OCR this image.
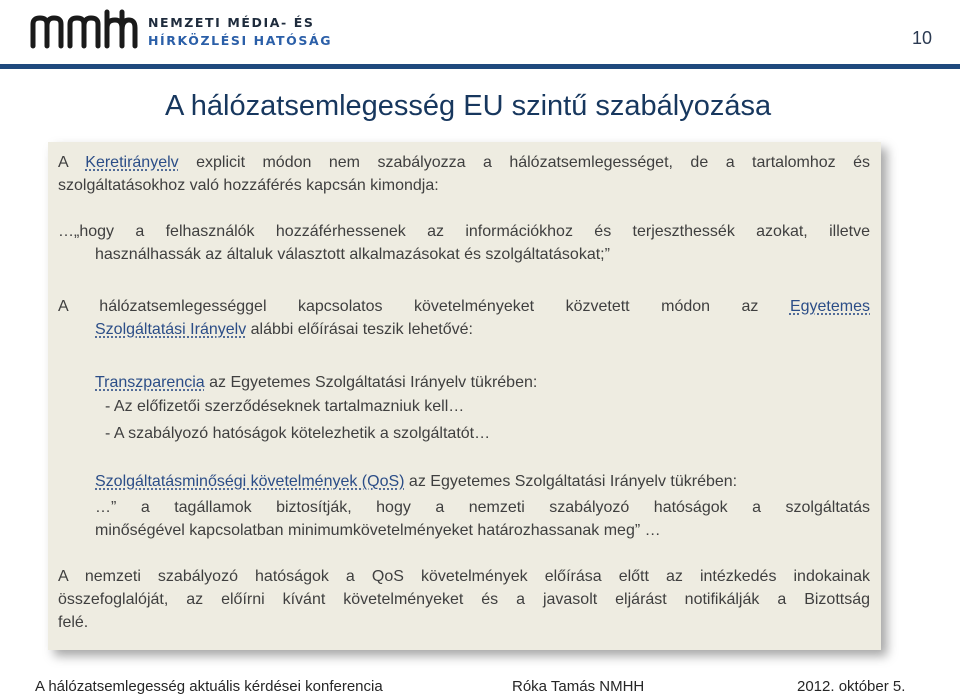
NEMZETI MÉDIA- ÉS
HÍRKÖZLÉSI HATÓSÁG	10
A hálózatsemlegesség EU szintű szabályozása
A Keretirányelv explicit módon nem szabályozza a hálózatsemlegességet, de a tartalomhoz és
szolgáltatásokhoz való hozzáférés kapcsán kimondja:
…„hogy a felhasználók hozzáférhessenek az információkhoz és terjeszthessék azokat, illetve
használhassák az általuk választott alkalmazásokat és szolgáltatásokat;”
A hálózatsemlegességgel kapcsolatos követelményeket közvetett módon az Egyetemes
Szolgáltatási Irányelv alábbi előírásai teszik lehetővé:
Transzparencia az Egyetemes Szolgáltatási Irányelv tükrében:
- Az előfizetői szerződéseknek tartalmazniuk kell…
- A szabályozó hatóságok kötelezhetik a szolgáltatót…
Szolgáltatásminőségi követelmények (QoS) az Egyetemes Szolgáltatási Irányelv tükrében:
…” a tagállamok biztosítják, hogy a nemzeti szabályozó hatóságok a szolgáltatás
minőségével kapcsolatban minimumkövetelményeket határozhassanak meg” …
A nemzeti szabályozó hatóságok a QoS követelmények előírása előtt az intézkedés indokainak
összefoglalóját, az előírni kívánt követelményeket és a javasolt eljárást notifikálják a Bizottság
felé.
A hálózatsemlegesség aktuális kérdései konferencia	Róka Tamás NMHH	2012. október 5.
